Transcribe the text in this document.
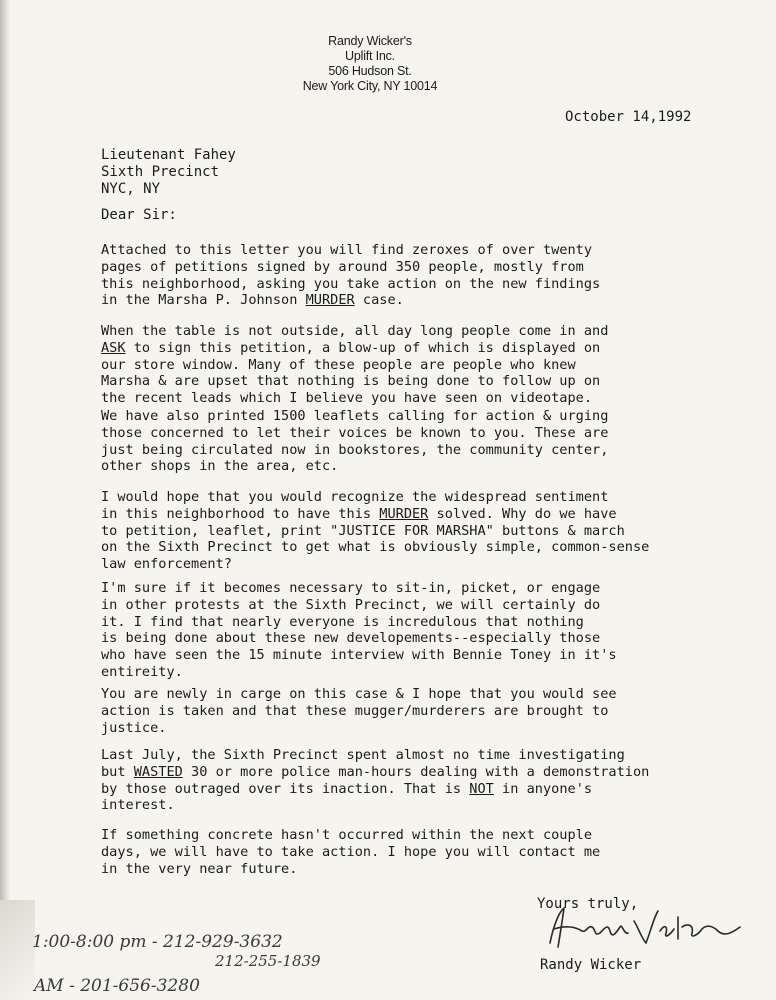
Randy Wicker's
Uplift Inc.
506 Hudson St.
New York City, NY 10014
October 14,1992
Lieutenant Fahey
Sixth Precinct
NYC, NY
Dear Sir:
Attached to this letter you will find zeroxes of over twenty
pages of petitions signed by around 350 people, mostly from
this neighborhood, asking you take action on the new findings
in the Marsha P. Johnson MURDER case.
When the table is not outside, all day long people come in and
ASK to sign this petition, a blow-up of which is displayed on
our store window. Many of these people are people who knew
Marsha & are upset that nothing is being done to follow up on
the recent leads which I believe you have seen on videotape.
We have also printed 1500 leaflets calling for action & urging
those concerned to let their voices be known to you. These are
just being circulated now in bookstores, the community center,
other shops in the area, etc.
I would hope that you would recognize the widespread sentiment
in this neighborhood to have this MURDER solved. Why do we have
to petition, leaflet, print "JUSTICE FOR MARSHA" buttons & march
on the Sixth Precinct to get what is obviously simple, common-sense
law enforcement?
I'm sure if it becomes necessary to sit-in, picket, or engage
in other protests at the Sixth Precinct, we will certainly do
it. I find that nearly everyone is incredulous that nothing
is being done about these new developements--especially those
who have seen the 15 minute interview with Bennie Toney in it's
entireity.
You are newly in carge on this case & I hope that you would see
action is taken and that these mugger/murderers are brought to
justice.
Last July, the Sixth Precinct spent almost no time investigating
but WASTED 30 or more police man-hours dealing with a demonstration
by those outraged over its inaction. That is NOT in anyone's
interest.
If something concrete hasn't occurred within the next couple
days, we will have to take action. I hope you will contact me
in the very near future.
Yours truly,
Randy Wicker
1:00-8:00 pm - 212-929-3632
212-255-1839
AM - 201-656-3280
